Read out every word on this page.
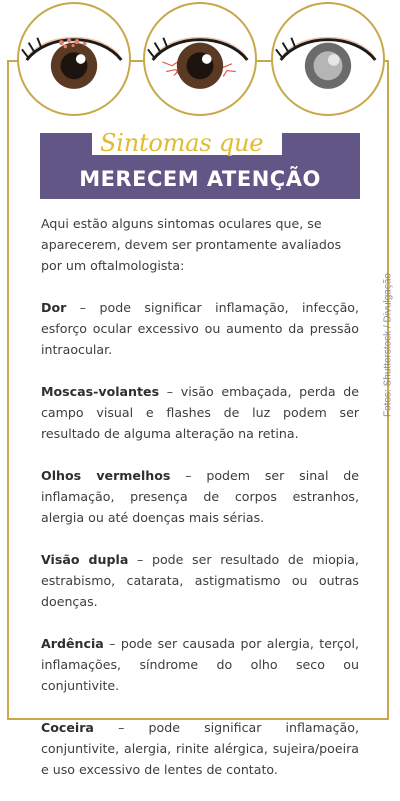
Sintomas que
MERECEM ATENÇÃO
Fotos: Shutterstock / Divulgação

Aqui estão alguns sintomas oculares que, se aparecerem, devem ser prontamente avaliados por um oftalmologista:

Dor – pode significar inflamação, infecção, esforço ocular excessivo ou aumento da pressão intraocular.

Moscas-volantes – visão embaçada, perda de campo visual e flashes de luz podem ser resultado de alguma alteração na retina.

Olhos vermelhos – podem ser sinal de inflamação, presença de corpos estranhos, alergia ou até doenças mais sérias.

Visão dupla – pode ser resultado de miopia, estrabismo, catarata, astigmatismo ou outras doenças.

Ardência – pode ser causada por alergia, terçol, inflamações, síndrome do olho seco ou conjuntivite.

Coceira – pode significar inflamação, conjuntivite, alergia, rinite alérgica, sujeira/poeira e uso excessivo de lentes de contato.
